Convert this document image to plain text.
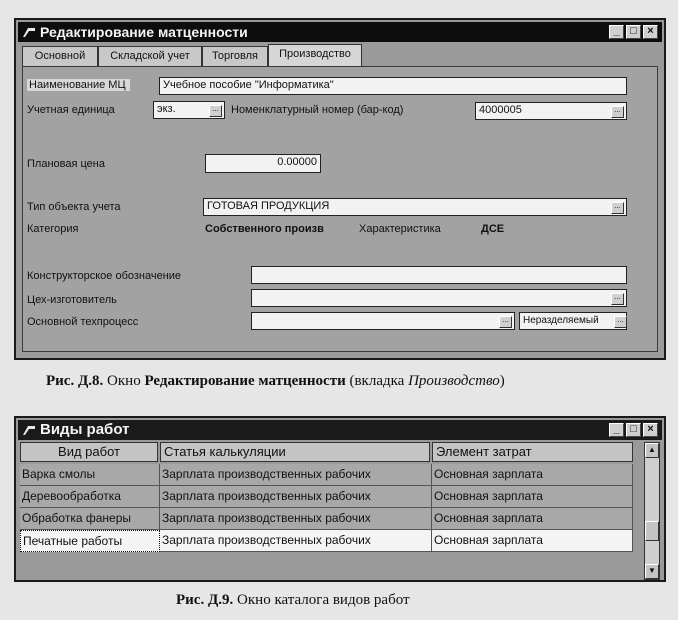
Редактирование матценности	_ □ ×
Основной	Складской учет	Торговля	Производство
Наименование МЦ	Учебное пособие "Информатика"
Учетная единица	экз.	... Номенклатурный номер (бар-код)	4000005	...
Плановая цена	0.00000
Тип объекта учета	ГОТОВАЯ ПРОДУКЦИЯ	...
Категория	Собственного произв	Характеристика	ДСЕ
Конструкторское обозначение
Цех-изготовитель	...
Основной техпроцесс	...	Неразделяемый	...
Рис. Д.8. Окно Редактирование матценности (вкладка Производство)
Виды работ	_ □ ×
Вид работ	Статья калькуляции	Элемент затрат
Варка смолы	Зарплата производственных рабочих	Основная зарплата
Деревообработка	Зарплата производственных рабочих	Основная зарплата
Обработка фанеры	Зарплата производственных рабочих	Основная зарплата
Печатные работы	Зарплата производственных рабочих	Основная зарплата
▲
▼
Рис. Д.9. Окно каталога видов работ
